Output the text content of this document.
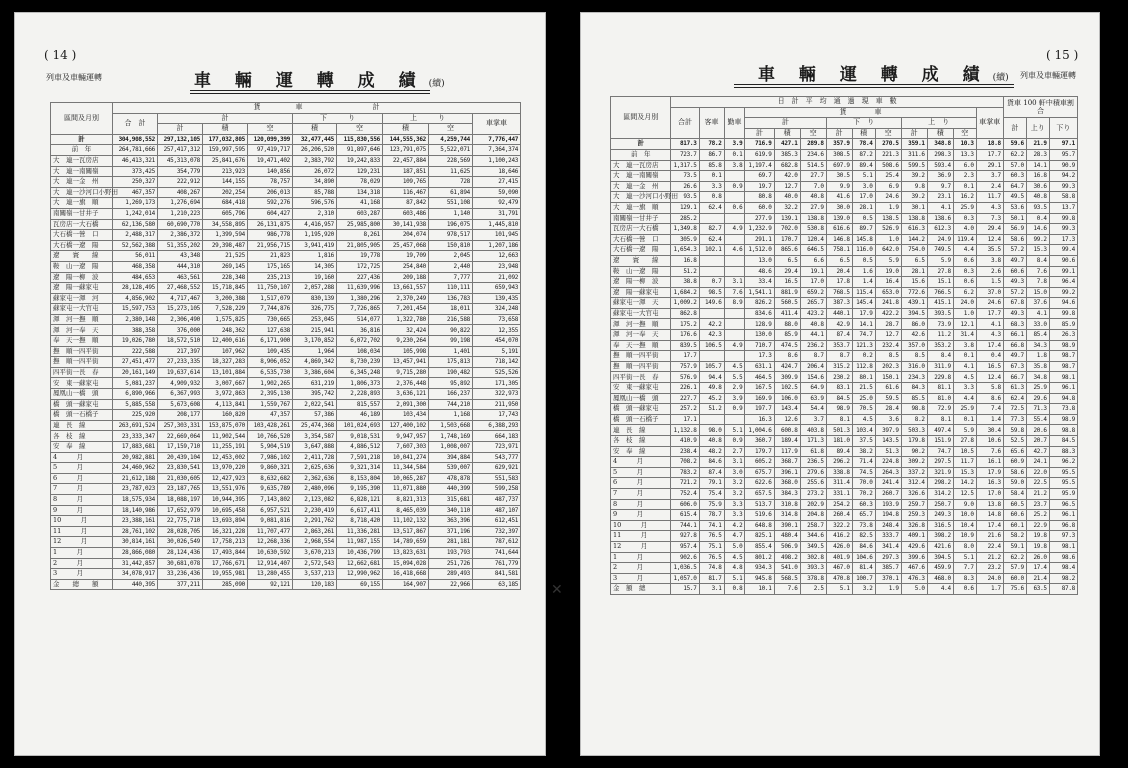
( 14 )
列車及車輛運轉	車 輛 運 轉 成 績 (續)
區間及月別	貨　　　　　車　　　　　　　　　　計								
	合　計	計			下　　　り		上　　　り		車掌車
		計	積	空	積	空	積	空	
計	304,908,552	297,132,105	177,032,805	120,099,399	32,477,445	115,830,556	144,555,362	4,259,744	7,776,447
前　年	264,781,666	257,417,312	159,997,595	97,419,717	26,206,520	91,897,646	123,791,075	5,522,071	7,364,374
大　連一瓦房店	46,413,321	45,313,078	25,841,676	19,471,402	2,383,792	19,242,833	22,457,884	228,569	1,100,243
大　連一南關嶺	373,425	354,779	213,923	140,856	26,072	129,231	187,851	11,625	18,646
大　連一金　州	250,327	222,912	144,155	78,757	34,890	78,029	109,765	728	27,415
大　連一沙河口小野田	467,357	408,267	202,254	206,013	85,788	134,318	116,467	61,894	59,090
大　連一旗　順	1,269,173	1,276,694	684,418	592,276	596,576	41,168	87,842	551,108	92,479
南關嶺一甘井子	1,242,014	1,210,223	605,796	604,427	2,310	603,287	603,486	1,140	31,791
瓦房店一大石橋	62,136,580	60,690,770	34,558,895	26,131,875	4,416,957	25,985,800	30,141,938	196,075	1,445,810
大石橋一營　口	2,488,317	2,386,372	1,399,594	986,778	1,195,920	8,261	204,074	978,517	101,945
大石橋一遼　陽	52,562,388	51,355,202	29,398,487	21,956,715	3,941,419	21,805,905	25,457,068	150,810	1,207,186
遼　　寰　　線	56,011	43,348	21,525	21,823	1,816	19,778	19,709	2,045	12,663
鞍　山一遼　陽	468,358	444,310	269,145	175,165	14,305	172,725	254,840	2,440	23,948
遼　陽一柳　波	484,653	463,561	228,348	235,213	19,160	227,436	209,188	7,777	21,092
遼　陽一蘇家屯	28,128,495	27,468,552	15,718,845	11,750,107	2,057,288	11,639,996	13,661,557	110,111	659,943
蘇家屯一渾　河	4,856,902	4,717,467	3,200,388	1,517,079	830,139	1,380,296	2,370,249	136,783	139,435
蘇家屯一大官屯	15,597,753	15,273,105	7,528,229	7,744,876	326,775	7,726,865	7,201,454	18,011	324,248
渾　河一撫　順	2,380,148	2,306,490	1,575,825	730,665	253,045	514,077	1,322,780	216,588	73,658
渾　河一奉　天	388,358	376,000	248,362	127,638	215,941	36,816	32,424	90,822	12,355
奉　天一撫　順	19,026,780	18,572,510	12,400,616	6,171,900	3,170,852	6,072,702	9,230,264	99,198	454,070
撫　順一四平街	222,588	217,397	107,962	109,435	1,964	108,034	105,998	1,401	5,191
撫　順一四平街	27,451,477	27,233,335	18,327,283	8,906,052	4,869,342	8,730,239	13,457,941	175,813	718,142
四平街一長　春	20,161,149	19,637,614	13,101,884	6,535,730	3,386,604	6,345,248	9,715,280	190,482	525,526
安　東一蘇家屯	5,081,237	4,909,932	3,007,667	1,902,265	631,219	1,806,373	2,376,448	95,892	171,305
鳳凰山一橋　頭	6,890,966	6,367,993	3,972,863	2,395,130	395,742	2,228,893	3,636,121	166,237	322,973
橋　頭一蘇家屯	5,885,558	5,673,608	4,113,841	1,559,767	2,022,541	815,557	2,091,300	744,210	211,950
橋　頭一石橋子	225,920	208,177	160,820	47,357	57,386	46,189	103,434	1,168	17,743
連　長　線	263,691,524	257,303,331	153,875,070	103,428,261	25,474,368	101,024,693	127,400,102	1,503,668	6,388,293
各　枝　線	23,333,347	22,669,064	11,902,544	10,766,520	3,354,587	9,018,531	9,947,957	1,748,169	664,183
安　奉　線	17,883,681	17,159,710	11,255,191	5,904,519	3,647,888	4,886,512	7,607,303	1,008,007	723,971
4　　　月	20,982,881	20,439,104	12,453,002	7,986,102	2,411,728	7,591,218	10,041,274	394,884	543,777
5　　　月	24,460,962	23,830,541	13,970,220	9,860,321	2,625,636	9,321,314	11,344,584	539,007	629,921
6　　　月	21,612,188	21,030,605	12,427,923	8,632,682	2,362,636	8,153,804	10,065,287	478,878	551,583
7　　　月	23,787,023	23,187,765	13,551,976	9,635,789	2,480,096	9,195,390	11,071,880	440,399	599,258
8　　　月	18,575,934	18,088,197	10,944,395	7,143,802	2,123,082	6,828,121	8,821,313	315,681	487,737
9　　　月	18,140,986	17,652,979	10,695,458	6,957,521	2,230,419	6,617,411	8,465,039	340,110	487,107
10　　　月	23,388,161	22,775,710	13,693,894	9,081,816	2,291,762	8,718,420	11,102,132	363,396	612,451
11　　　月	28,761,102	28,028,705	16,321,228	11,707,477	2,863,261	11,336,281	13,517,867	371,196	732,397
12　　　月	30,814,161	30,026,549	17,758,213	12,268,336	2,968,554	11,987,155	14,789,659	281,181	787,612
1　　　月	28,866,080	28,124,436	17,493,844	10,630,592	3,670,213	10,436,799	13,823,631	193,793	741,644
2　　　月	31,442,857	30,681,078	17,766,671	12,914,407	2,572,543	12,662,681	15,094,028	251,726	761,779
3　　　月	34,078,917	33,236,436	19,955,981	13,280,455	3,537,213	12,990,962	16,418,668	289,493	841,581
金　　總　　額	440,395	377,211	285,090	92,121	120,183	69,155	164,907	22,966	63,185 ✕
( 15 )
列車及車輛運轉
車 輛 運 轉 成 績 (續)
區間及月別	日　計　平　均　通　過　現　車　數													貨車 100 軒中積車割合		
	合計	客車	勤車	貨　　　　車									車掌車			
				計			下　り			上　り				計	上り	下り
				計	積	空	計	積	空	計	積	空				
計	817.3	78.2	3.9	716.9	427.1	289.8	357.9	78.4	270.5	359.1	348.8	10.3	18.8	59.6	21.9	97.1
前　年	723.7	86.7	0.1	619.9	385.3	234.6	308.5	87.2	221.3	311.6	298.3	13.3	17.7	62.2	28.3	95.7
大　連一瓦房店	1,317.5	85.8	3.8	1,197.4	682.8	514.5	697.9	89.4	508.6	599.5	593.4	6.0	29.1	57.0	14.1	90.9
大　連一南關嶺	73.5	0.1		69.7	42.0	27.7	30.5	5.1	25.4	39.2	36.9	2.3	3.7	60.3	16.8	94.2
大　連一金　州	26.6	3.3	0.9	19.7	12.7	7.0	9.9	3.0	6.9	9.8	9.7	0.1	2.4	64.7	30.6	99.3
大　連一沙河口小野田	93.5	0.8		80.8	40.0	40.8	41.6	17.0	24.6	39.2	23.1	16.2	11.7	49.5	40.8	58.8
大　連一旗　順	129.1	62.4	0.6	60.0	32.2	27.9	30.0	28.1	1.9	30.1	4.1	25.9	4.3	53.6	93.5	13.7
南關嶺一甘井子	285.2			277.9	139.1	138.8	139.0	0.5	138.5	138.8	138.6	0.3	7.3	50.1	0.4	99.8
瓦房店一大石橋	1,349.8	82.7	4.9	1,232.9	702.0	530.8	616.6	89.7	526.9	616.3	612.3	4.0	29.4	56.9	14.6	99.3
大石橋一營　口	305.9	62.4		291.1	170.7	120.4	146.8	145.8	1.0	144.2	24.9	119.4	12.4	58.6	99.2	17.3
大石橋一遼　陽	1,654.3	102.1	4.6	1,512.0	865.6	646.5	758.1	116.0	642.0	754.0	749.5	4.4	35.5	57.2	15.3	99.4
遼　　寰　　線	16.8			13.0	6.5	6.6	6.5	0.5	5.9	6.5	5.9	0.6	3.8	49.7	8.4	90.6
鞍　山一遼　陽	51.2			48.6	29.4	19.1	20.4	1.6	19.0	28.1	27.8	0.3	2.6	60.6	7.6	99.1
遼　陽一柳　波	38.8	0.7	3.1	33.4	16.5	17.0	17.8	1.4	16.4	15.6	15.1	0.6	1.5	49.3	7.8	96.4
遼　陽一蘇家屯	1,684.2	98.5	7.6	1,541.1	881.9	659.2	768.5	115.4	653.0	772.6	766.5	6.2	37.0	57.2	15.0	99.2
蘇家屯一渾　天	1,009.2	149.6	8.9	826.2	560.5	265.7	387.3	145.4	241.8	439.1	415.1	24.0	24.6	67.8	37.6	94.6
蘇家屯一大官屯	862.8			834.6	411.4	423.2	440.1	17.9	422.2	394.5	393.5	1.0	17.7	49.3	4.1	99.8
渾　河一撫　順	175.2	42.2		128.9	88.0	40.8	42.9	14.1	28.7	86.0	73.9	12.1	4.1	68.3	33.0	85.9
渾　河一奉　天	176.6	42.3		130.0	85.9	44.1	87.4	74.7	12.7	42.6	11.2	31.4	4.3	66.1	85.4	26.3
奉　天一撫　順	839.5	106.5	4.9	710.7	474.5	236.2	353.7	121.3	232.4	357.0	353.2	3.8	17.4	66.8	34.3	98.9
撫　順一四平街	17.7			17.3	8.6	8.7	8.7	0.2	8.5	8.5	8.4	0.1	0.4	49.7	1.8	98.7
撫　順一四平街	757.9	105.7	4.5	631.1	424.7	206.4	315.2	112.8	202.3	316.0	311.9	4.1	16.5	67.3	35.8	98.7
四平街一長　春	576.9	94.4	5.5	464.5	309.9	154.6	230.2	80.1	150.1	234.3	229.8	4.5	12.4	66.7	34.8	98.1
安　東一蘇家屯	226.1	49.8	2.9	167.5	102.5	64.9	83.1	21.5	61.6	84.3	81.1	3.3	5.8	61.3	25.9	96.1
鳳凰山一橋　頭	227.7	45.2	3.9	169.9	106.0	63.9	84.5	25.0	59.5	85.5	81.0	4.4	8.6	62.4	29.6	94.8
橋　頭一蘇家屯	257.2	51.2	0.9	197.7	143.4	54.4	98.9	70.5	28.4	98.8	72.9	25.9	7.4	72.5	71.3	73.8
橋　頭一石橋子	17.1			16.3	12.6	3.7	8.1	4.5	3.6	8.2	8.1	0.1	1.4	77.3	55.4	98.9
連　長　線	1,132.8	98.0	5.1	1,004.6	600.8	403.8	501.3	103.4	397.9	503.3	497.4	5.9	30.4	59.8	20.6	98.8
各　枝　線	410.9	40.8	0.9	360.7	189.4	171.3	181.0	37.5	143.5	179.8	151.9	27.8	10.6	52.5	20.7	84.5
安　奉　線	238.4	48.2	2.7	179.7	117.9	61.8	89.4	38.2	51.3	90.2	74.7	10.5	7.6	65.6	42.7	88.3
4　　　月	708.2	84.6	3.1	605.2	368.7	236.5	296.2	71.4	224.8	309.2	297.5	11.7	16.1	60.9	24.1	96.2
5　　　月	783.2	87.4	3.0	675.7	396.1	279.6	338.8	74.5	264.3	337.2	321.9	15.3	17.9	58.6	22.0	95.5
6　　　月	721.2	79.1	3.2	622.6	368.0	255.6	311.4	70.0	241.4	312.4	298.2	14.2	16.3	59.0	22.5	95.5
7　　　月	752.4	75.4	3.2	657.5	384.3	273.2	331.1	70.2	260.7	326.6	314.2	12.5	17.0	58.4	21.2	95.9
8　　　月	606.0	75.9	3.3	513.7	310.8	202.9	254.2	60.3	193.9	259.7	250.7	9.0	13.8	60.5	23.7	96.5
9　　　月	615.4	78.7	3.3	519.6	314.8	204.8	260.4	65.7	194.8	259.3	249.3	10.0	14.8	60.6	25.2	96.1
10　　　月	744.1	74.1	4.2	648.8	390.1	258.7	322.2	73.8	248.4	326.8	316.5	10.4	17.4	60.1	22.9	96.8
11　　　月	927.8	76.5	4.7	825.1	480.4	344.6	416.2	82.5	333.7	409.1	398.2	10.9	21.6	58.2	19.8	97.3
12　　　月	957.4	75.1	5.0	855.4	506.9	349.5	426.0	84.6	341.4	429.6	421.6	8.0	22.4	59.1	19.8	98.1
1　　　月	902.6	76.5	4.5	801.2	498.2	302.8	401.9	104.6	297.3	399.6	394.5	5.1	21.2	62.2	26.0	98.6
2　　　月	1,036.5	74.8	4.8	934.3	541.0	393.3	467.0	81.4	385.7	467.6	459.9	7.7	23.2	57.9	17.4	98.4
3　　　月	1,057.0	81.7	5.1	945.8	568.5	378.8	470.8	100.7	370.1	476.3	468.0	8.3	24.0	60.0	21.4	98.2
金　額　總	15.7	3.1	0.8	10.1	7.6	2.5	5.1	3.2	1.9	5.0	4.4	0.6	1.7	75.6	63.5	87.8
